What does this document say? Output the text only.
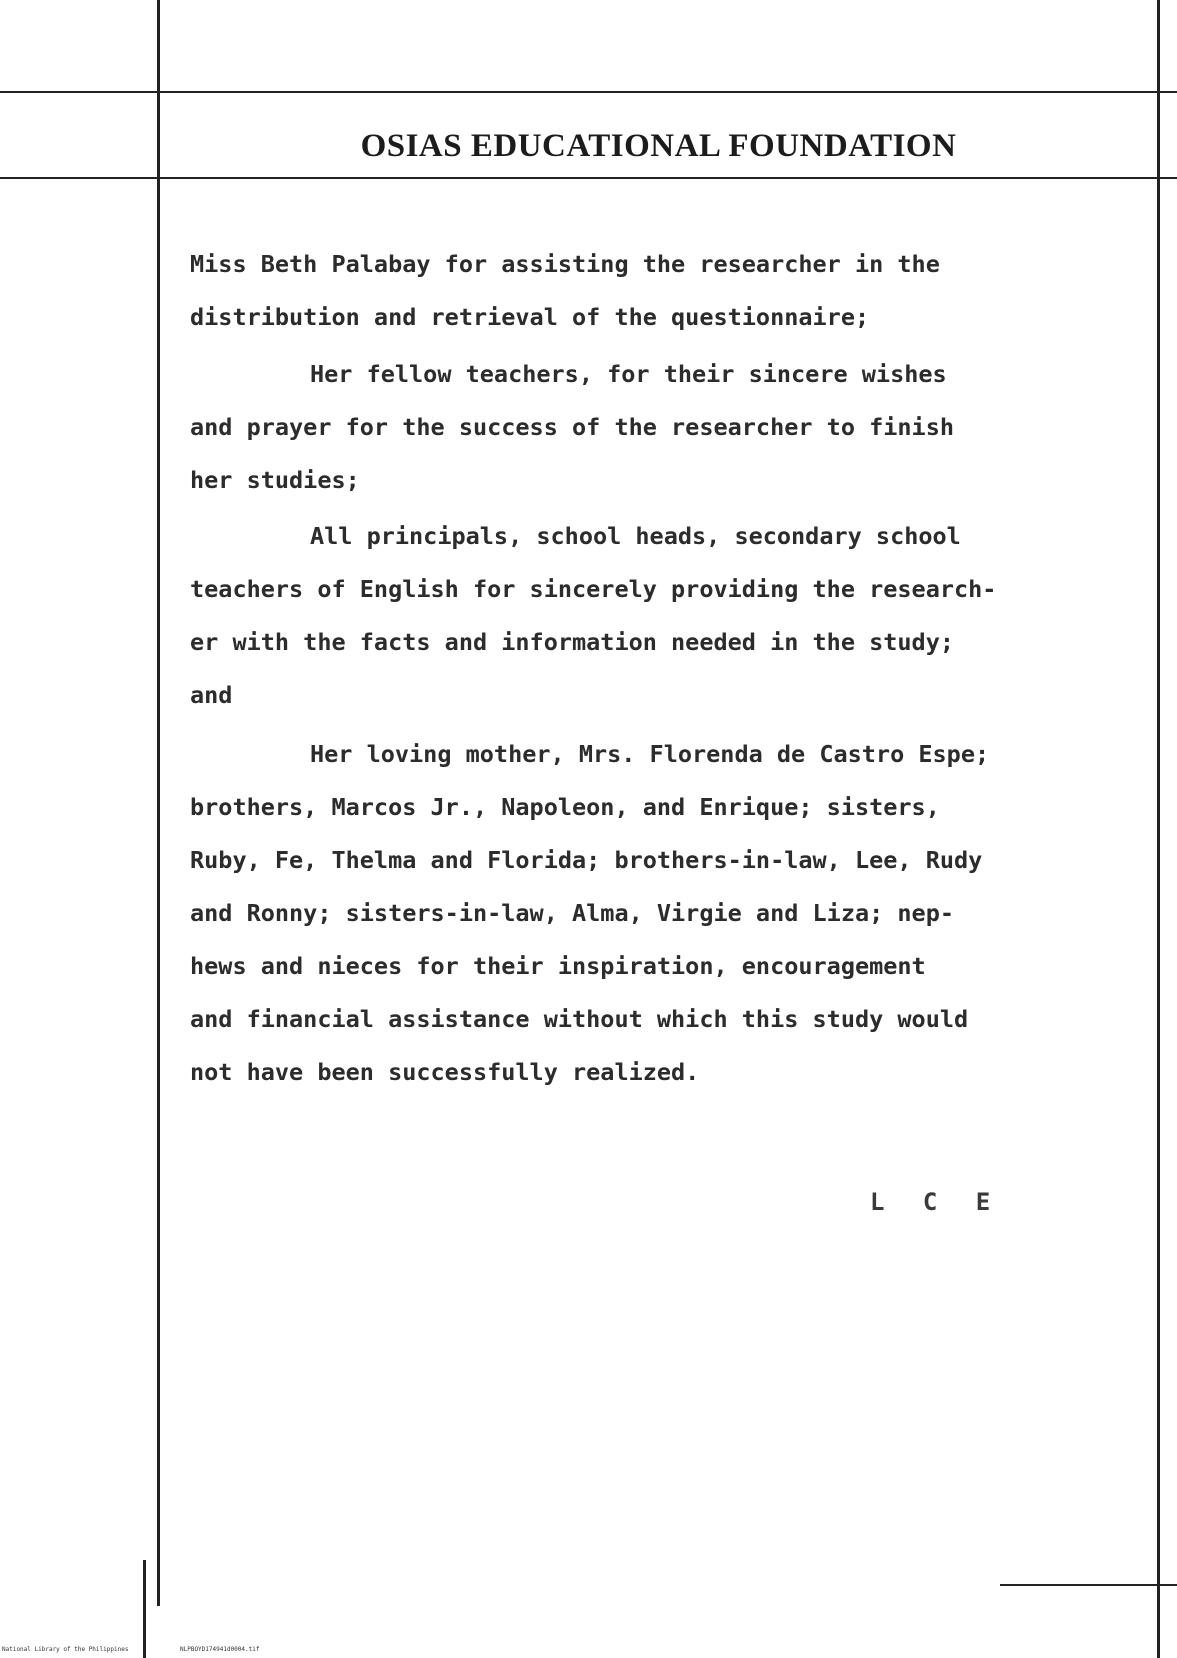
OSIAS EDUCATIONAL FOUNDATION
Miss Beth Palabay for assisting the researcher in the
distribution and retrieval of the questionnaire;
Her fellow teachers, for their sincere wishes
and prayer for the success of the researcher to finish
her studies;
All principals, school heads, secondary school
teachers of English for sincerely providing the research-
er with the facts and information needed in the study;
and
Her loving mother, Mrs. Florenda de Castro Espe;
brothers, Marcos Jr., Napoleon, and Enrique; sisters,
Ruby, Fe, Thelma and Florida; brothers-in-law, Lee, Rudy
and Ronny; sisters-in-law, Alma, Virgie and Liza; nep-
hews and nieces for their inspiration, encouragement
and financial assistance without which this study would
not have been successfully realized.
L C E
National Library of the Philippines	NLPBOYD174941d0004.tif
